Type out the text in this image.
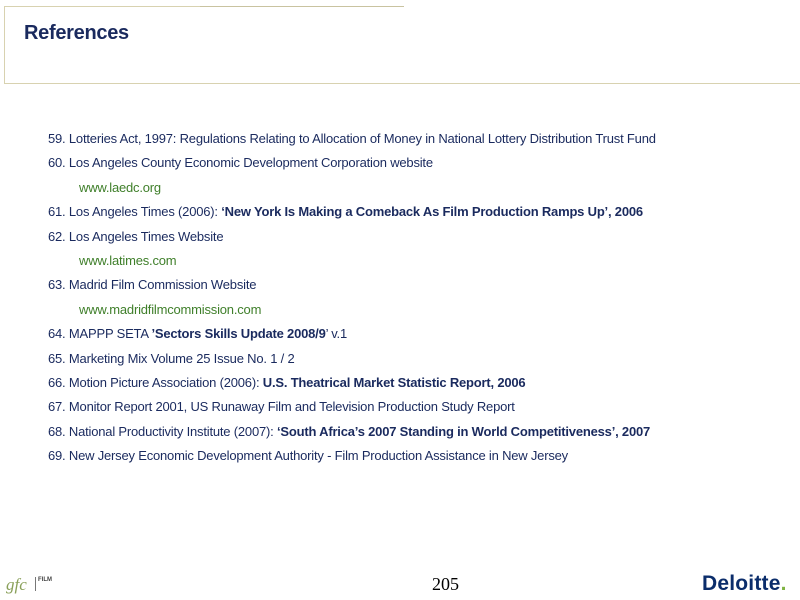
References
59. Lotteries Act, 1997: Regulations Relating to Allocation of Money in National Lottery Distribution Trust Fund
60. Los Angeles County Economic Development Corporation website
www.laedc.org
61. Los Angeles Times (2006): ‘New York Is Making a Comeback As Film Production Ramps Up’, 2006
62. Los Angeles Times Website
www.latimes.com
63. Madrid Film Commission Website
www.madridfilmcommission.com
64. MAPPP SETA ’Sectors Skills Update 2008/9’ v.1
65. Marketing Mix Volume 25 Issue No. 1 / 2
66. Motion Picture Association (2006): U.S. Theatrical Market Statistic Report, 2006
67. Monitor Report 2001, US Runaway Film and Television Production Study Report
68. National Productivity Institute (2007): ‘South Africa’s 2007 Standing in World Competitiveness’, 2007
69. New Jersey Economic Development Authority - Film Production Assistance in New Jersey
gfc FILM	205	Deloitte.
